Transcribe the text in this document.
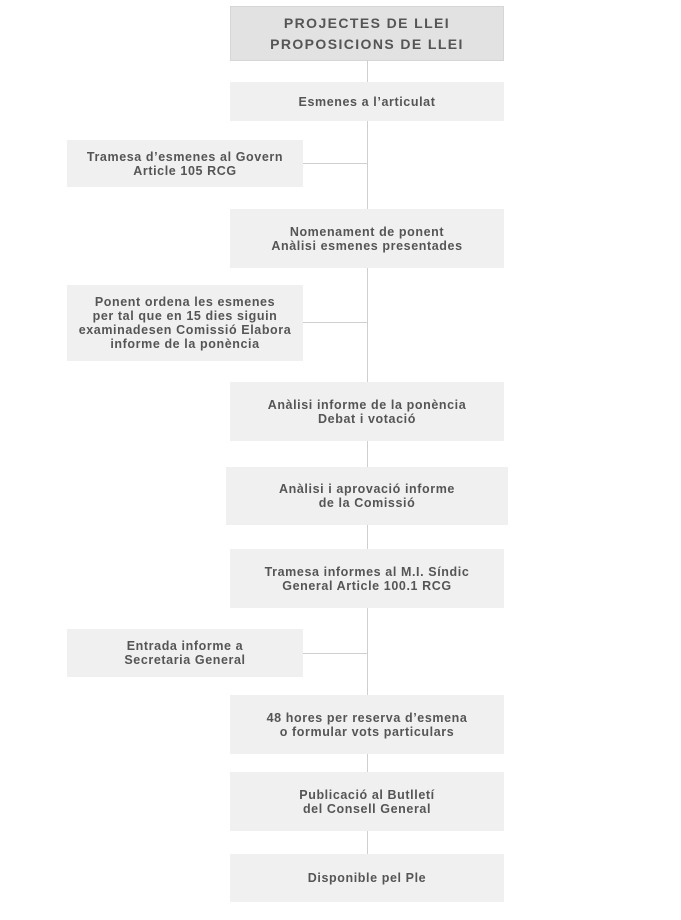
PROJECTES DE LLEI
PROPOSICIONS DE LLEI
Esmenes a l’articulat
Nomenament de ponent
Anàlisi esmenes presentades
Anàlisi informe de la ponència
Debat i votació
Anàlisi i aprovació informe
de la Comissió
Tramesa informes al M.I. Síndic
General Article 100.1 RCG
48 hores per reserva d’esmena
o formular vots particulars
Publicació al Butlletí
del Consell General
Disponible pel Ple
Tramesa d’esmenes al Govern
Article 105 RCG
Ponent ordena les esmenes
per tal que en 15 dies siguin
examinadesen Comissió Elabora
informe de la ponència
Entrada informe a
Secretaria General
